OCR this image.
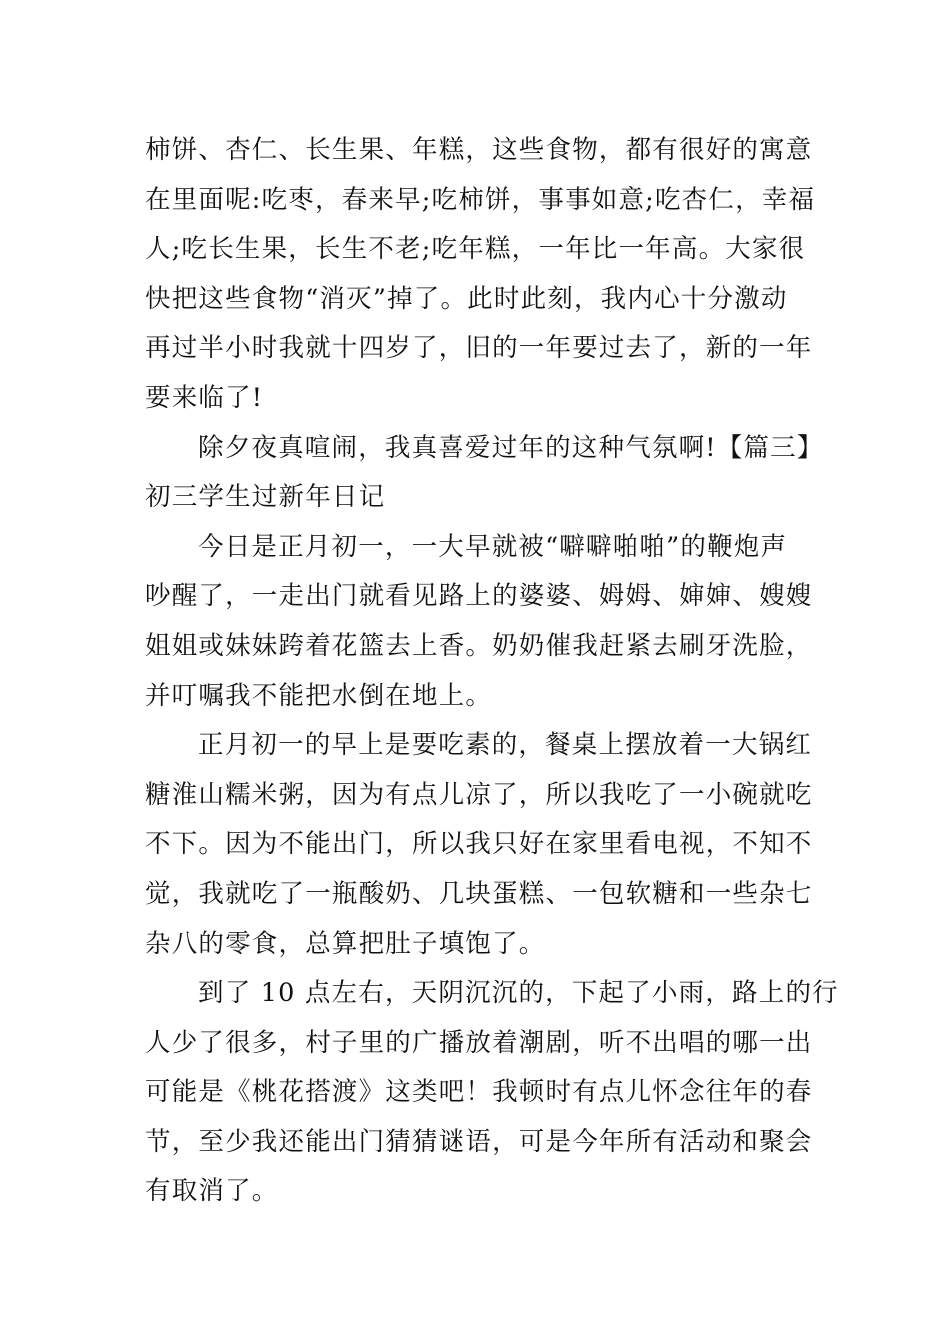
柿饼、杏仁、长生果、年糕，这些食物，都有很好的寓意
在里面呢:吃枣，春来早;吃柿饼，事事如意;吃杏仁，幸福
人;吃长生果，长生不老;吃年糕，一年比一年高。大家很
快把这些食物“消灭”掉了。此时此刻，我内心十分激动
再过半小时我就十四岁了，旧的一年要过去了，新的一年
要来临了!
除夕夜真喧闹，我真喜爱过年的这种气氛啊!【篇三】
初三学生过新年日记
今日是正月初一，一大早就被“噼噼啪啪”的鞭炮声
吵醒了，一走出门就看见路上的婆婆、姆姆、婶婶、嫂嫂
姐姐或妹妹跨着花篮去上香。奶奶催我赶紧去刷牙洗脸，
并叮嘱我不能把水倒在地上。
正月初一的早上是要吃素的，餐桌上摆放着一大锅红
糖淮山糯米粥，因为有点儿凉了，所以我吃了一小碗就吃
不下。因为不能出门，所以我只好在家里看电视，不知不
觉，我就吃了一瓶酸奶、几块蛋糕、一包软糖和一些杂七
杂八的零食，总算把肚子填饱了。
到了 10 点左右，天阴沉沉的，下起了小雨，路上的行
人少了很多，村子里的广播放着潮剧，听不出唱的哪一出
可能是《桃花搭渡》这类吧！我顿时有点儿怀念往年的春
节，至少我还能出门猜猜谜语，可是今年所有活动和聚会
有取消了。
